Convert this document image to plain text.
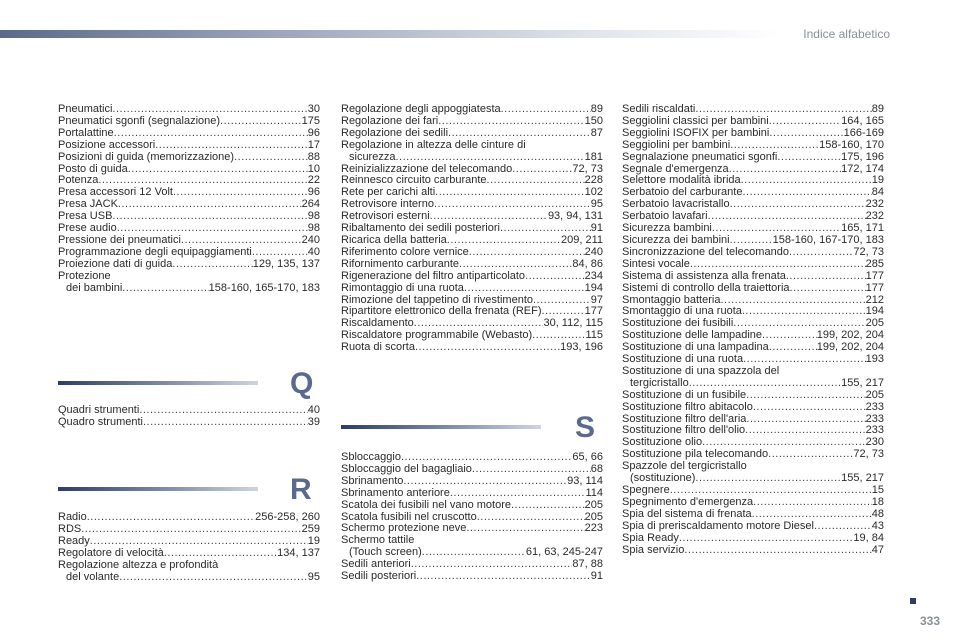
Indice alfabetico
Pneumatici .....	30
Pneumatici sgonfi (segnalazione) .....	175
Portalattine .....	96
Posizione accessori .....	17
Posizioni di guida (memorizzazione) .....	88
Posto di guida .....	10
Potenza .....	22
Presa accessori 12 Volt .....	96
Presa JACK .....	264
Presa USB .....	98
Prese audio .....	98
Pressione dei pneumatici .....	240
Programmazione degli equipaggiamenti .....	40
Proiezione dati di guida .....	129, 135, 137
Protezione
dei bambini .....	158-160, 165-170, 183
Q
Quadri strumenti .....	40
Quadro strumenti .....	39
R
Radio .....	256-258, 260
RDS .....	259
Ready .....	19
Regolatore di velocità .....	134, 137
Regolazione altezza e profondità
del volante .....	95
Regolazione degli appoggiatesta .....	89
Regolazione dei fari .....	150
Regolazione dei sedili .....	87
Regolazione in altezza delle cinture di
sicurezza .....	181
Reinizializzazione del telecomando .....	72, 73
Reinnesco circuito carburante .....	228
Rete per carichi alti .....	102
Retrovisore interno .....	95
Retrovisori esterni .....	93, 94, 131
Ribaltamento dei sedili posteriori .....	91
Ricarica della batteria .....	209, 211
Riferimento colore vernice .....	240
Rifornimento carburante .....	84, 86
Rigenerazione del filtro antiparticolato .....	234
Rimontaggio di una ruota .....	194
Rimozione del tappetino di rivestimento .....	97
Ripartitore elettronico della frenata (REF) .....	177
Riscaldamento .....	30, 112, 115
Riscaldatore programmabile (Webasto) .....	115
Ruota di scorta .....	193, 196
S
Sbloccaggio .....	65, 66
Sbloccaggio del bagagliaio .....	68
Sbrinamento .....	93, 114
Sbrinamento anteriore .....	114
Scatola dei fusibili nel vano motore .....	205
Scatola fusibili nel cruscotto .....	205
Schermo protezione neve .....	223
Schermo tattile
(Touch screen) .....	61, 63, 245-247
Sedili anteriori .....	87, 88
Sedili posteriori .....	91
Sedili riscaldati .....	89
Seggiolini classici per bambini .....	164, 165
Seggiolini ISOFIX per bambini .....	166-169
Seggiolini per bambini .....	158-160, 170
Segnalazione pneumatici sgonfi .....	175, 196
Segnale d'emergenza .....	172, 174
Selettore modalità ibrida .....	19
Serbatoio del carburante .....	84
Serbatoio lavacristallo .....	232
Serbatoio lavafari .....	232
Sicurezza bambini .....	165, 171
Sicurezza dei bambini .....	158-160, 167-170, 183
Sincronizzazione del telecomando .....	72, 73
Sintesi vocale .....	285
Sistema di assistenza alla frenata .....	177
Sistemi di controllo della traiettoria .....	177
Smontaggio batteria .....	212
Smontaggio di una ruota .....	194
Sostituzione dei fusibili .....	205
Sostituzione delle lampadine .....	199, 202, 204
Sostituzione di una lampadina .....	199, 202, 204
Sostituzione di una ruota .....	193
Sostituzione di una spazzola del
tergicristallo .....	155, 217
Sostituzione di un fusibile .....	205
Sostituzione filtro abitacolo .....	233
Sostituzione filtro dell'aria .....	233
Sostituzione filtro dell'olio .....	233
Sostituzione olio .....	230
Sostituzione pila telecomando .....	72, 73
Spazzole del tergicristallo
(sostituzione) .....	155, 217
Spegnere .....	15
Spegnimento d'emergenza .....	18
Spia del sistema di frenata .....	48
Spia di preriscaldamento motore Diesel .....	43
Spia Ready .....	19, 84
Spia servizio .....	47
333
